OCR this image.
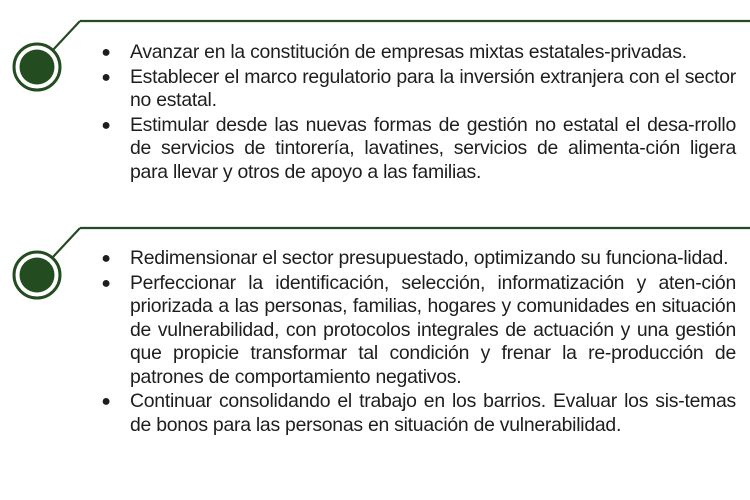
● Avanzar en la constitución de empresas mixtas estatales-privadas.
● Establecer el marco regulatorio para la inversión extranjera con el sector no estatal.
● Estimular desde las nuevas formas de gestión no estatal el desa-rrollo de servicios de tintorería, lavatines, servicios de alimenta-ción ligera para llevar y otros de apoyo a las familias.
● Redimensionar el sector presupuestado, optimizando su funciona-lidad.
● Perfeccionar la identificación, selección, informatización y aten-ción priorizada a las personas, familias, hogares y comunidades en situación de vulnerabilidad, con protocolos integrales de actuación y una gestión que propicie transformar tal condición y frenar la re-producción de patrones de comportamiento negativos.
● Continuar consolidando el trabajo en los barrios. Evaluar los sis-temas de bonos para las personas en situación de vulnerabilidad.
